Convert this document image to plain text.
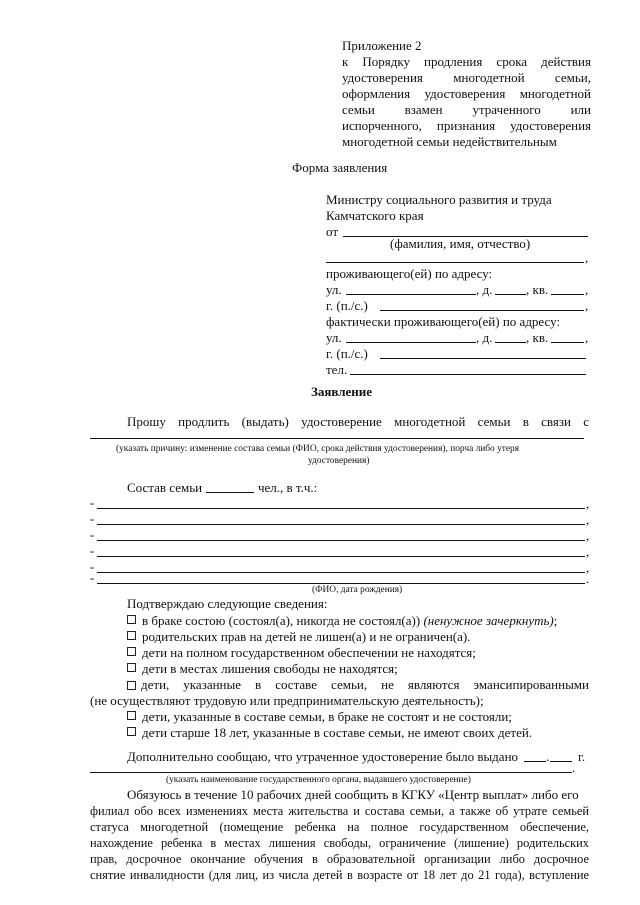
Приложение 2
к Порядку продления срока действия
удостоверения многодетной семьи,
оформления удостоверения многодетной
семьи взамен утраченного или
испорченного, признания удостоверения
многодетной семьи недействительным
Форма заявления
Министру социального развития и труда
Камчатского края
от
(фамилия, имя, отчество)
,
проживающего(ей) по адресу:
ул.	, д.	, кв.	,
г. (п./с.)	,
фактически проживающего(ей) по адресу:
ул.	, д.	, кв.	,
г. (п./с.)
тел.
Заявление
Прошу продлить (выдать) удостоверение многодетной семьи в связи с
(указать причину: изменение состава семьи (ФИО, срока действия удостоверения), порча либо утеря
удостоверения)
Состав семьи	чел., в т.ч.:
-	,
-	,
-	,
-	,
-	,
-	.
(ФИО, дата рождения)
Подтверждаю следующие сведения:
в браке состою (состоял(а), никогда не состоял(а)) (ненужное зачеркнуть);
родительских прав на детей не лишен(а) и не ограничен(а).
дети на полном государственном обеспечении не находятся;
дети в местах лишения свободы не находятся;
дети, указанные в составе семьи, не являются эмансипированными
(не осуществляют трудовую или предпринимательскую деятельность);
дети, указанные в составе семьи, в браке не состоят и не состояли;
дети старше 18 лет, указанные в составе семьи, не имеют своих детей.
Дополнительно сообщаю, что утраченное удостоверение было выдано . г.
.
(указать наименование государственного органа, выдавшего удостоверение)
Обязуюсь в течение 10 рабочих дней сообщить в КГКУ «Центр выплат» либо его
филиал обо всех изменениях места жительства и состава семьи, а также об утрате семьей
статуса многодетной (помещение ребенка на полное государственном обеспечение,
нахождение ребенка в местах лишения свободы, ограничение (лишение) родительских
прав, досрочное окончание обучения в образовательной организации либо досрочное
снятие инвалидности (для лиц, из числа детей в возрасте от 18 лет до 21 года), вступление
